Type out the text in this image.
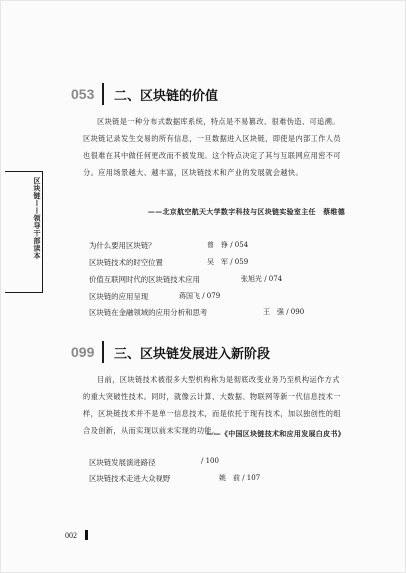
区块链——领导干部读本
053	二、区块链的价值
区块链是一种分布式数据库系统，特点是不易篡改、很难伪造、可追溯。区块链记录发生交易的所有信息，一旦数据进入区块链，即使是内部工作人员也很难在其中做任何更改而不被发现。这个特点决定了其与互联网应用密不可分。应用场景越大、越丰富，区块链技术和产业的发展就会越快。
——北京航空航天大学数字科技与区块链实验室主任　蔡维德
为什么要用区块链？	曾　铮 / 054
区块链技术的时空位置	吴　军 / 059
价值互联网时代的区块链技术应用	张旭光 / 074
区块链的应用呈现	蒋国飞 / 079
区块链在金融领域的应用分析和思考	王　强 / 090
099	三、区块链发展进入新阶段
目前，区块链技术被很多大型机构称为是彻底改变业务乃至机构运作方式的重大突破性技术。同时，就像云计算、大数据、物联网等新一代信息技术一样，区块链技术并不是单一信息技术，而是依托于现有技术，加以独创性的组合及创新，从而实现以前未实现的功能。
——《中国区块链技术和应用发展白皮书》
区块链发展演进路径	/ 100
区块链技术走进大众视野	姚　前 / 107
002
